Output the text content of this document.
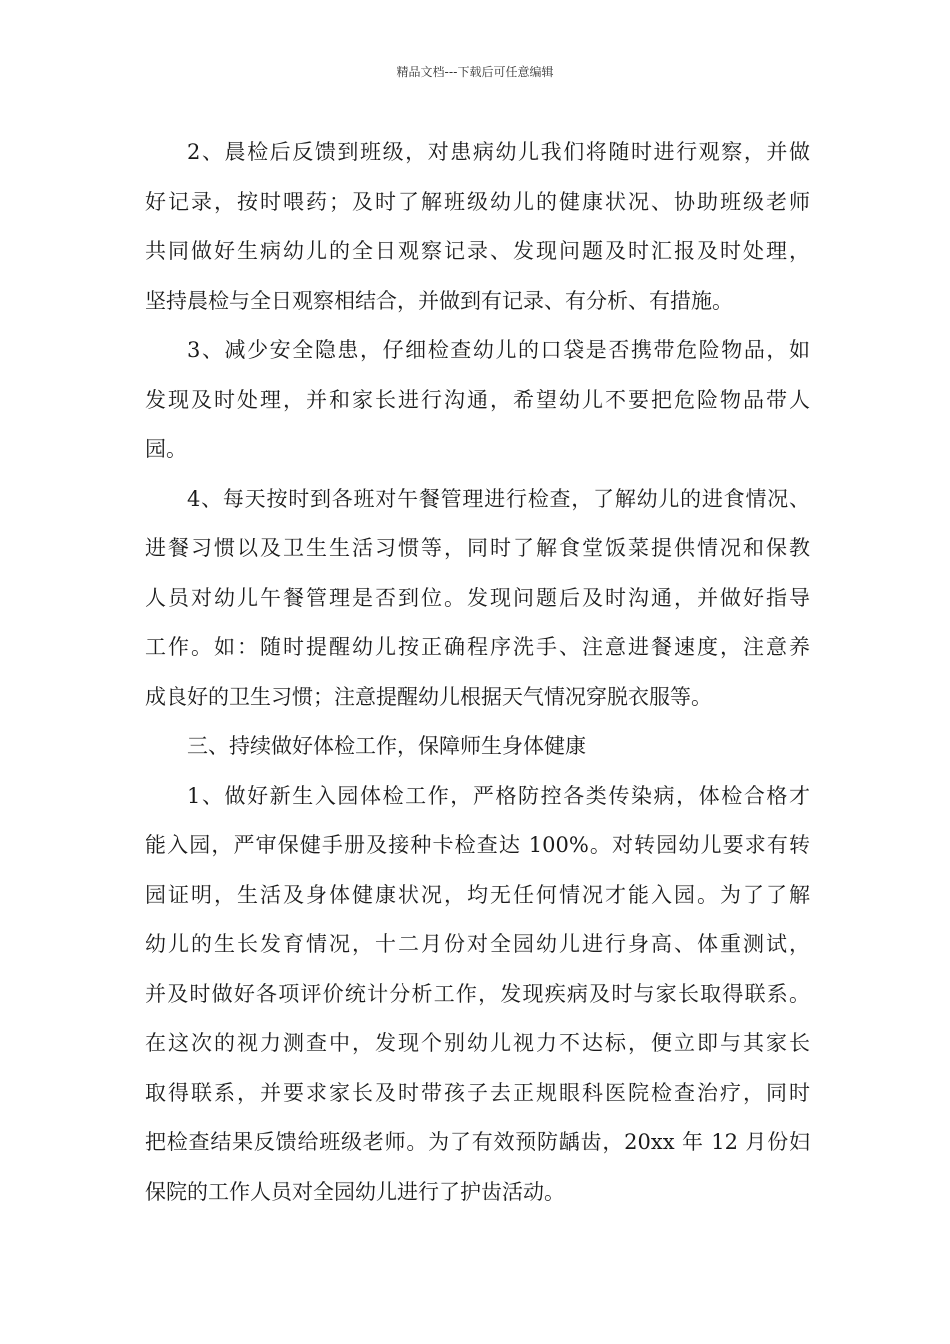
精品文档---下载后可任意编辑

2、晨检后反馈到班级，对患病幼儿我们将随时进行观察，并做
好记录，按时喂药；及时了解班级幼儿的健康状况、协助班级老师
共同做好生病幼儿的全日观察记录、发现问题及时汇报及时处理，
坚持晨检与全日观察相结合，并做到有记录、有分析、有措施。

3、减少安全隐患，仔细检查幼儿的口袋是否携带危险物品，如
发现及时处理，并和家长进行沟通，希望幼儿不要把危险物品带人
园。

4、每天按时到各班对午餐管理进行检查，了解幼儿的进食情况、
进餐习惯以及卫生生活习惯等，同时了解食堂饭菜提供情况和保教
人员对幼儿午餐管理是否到位。发现问题后及时沟通，并做好指导
工作。如：随时提醒幼儿按正确程序洗手、注意进餐速度，注意养
成良好的卫生习惯；注意提醒幼儿根据天气情况穿脱衣服等。

三、持续做好体检工作，保障师生身体健康

1、做好新生入园体检工作，严格防控各类传染病，体检合格才
能入园，严审保健手册及接种卡检查达 100%。对转园幼儿要求有转
园证明，生活及身体健康状况，均无任何情况才能入园。为了了解
幼儿的生长发育情况，十二月份对全园幼儿进行身高、体重测试，
并及时做好各项评价统计分析工作，发现疾病及时与家长取得联系。
在这次的视力测查中，发现个别幼儿视力不达标，便立即与其家长
取得联系，并要求家长及时带孩子去正规眼科医院检查治疗，同时
把检查结果反馈给班级老师。为了有效预防龋齿，20xx 年 12 月份妇
保院的工作人员对全园幼儿进行了护齿活动。
